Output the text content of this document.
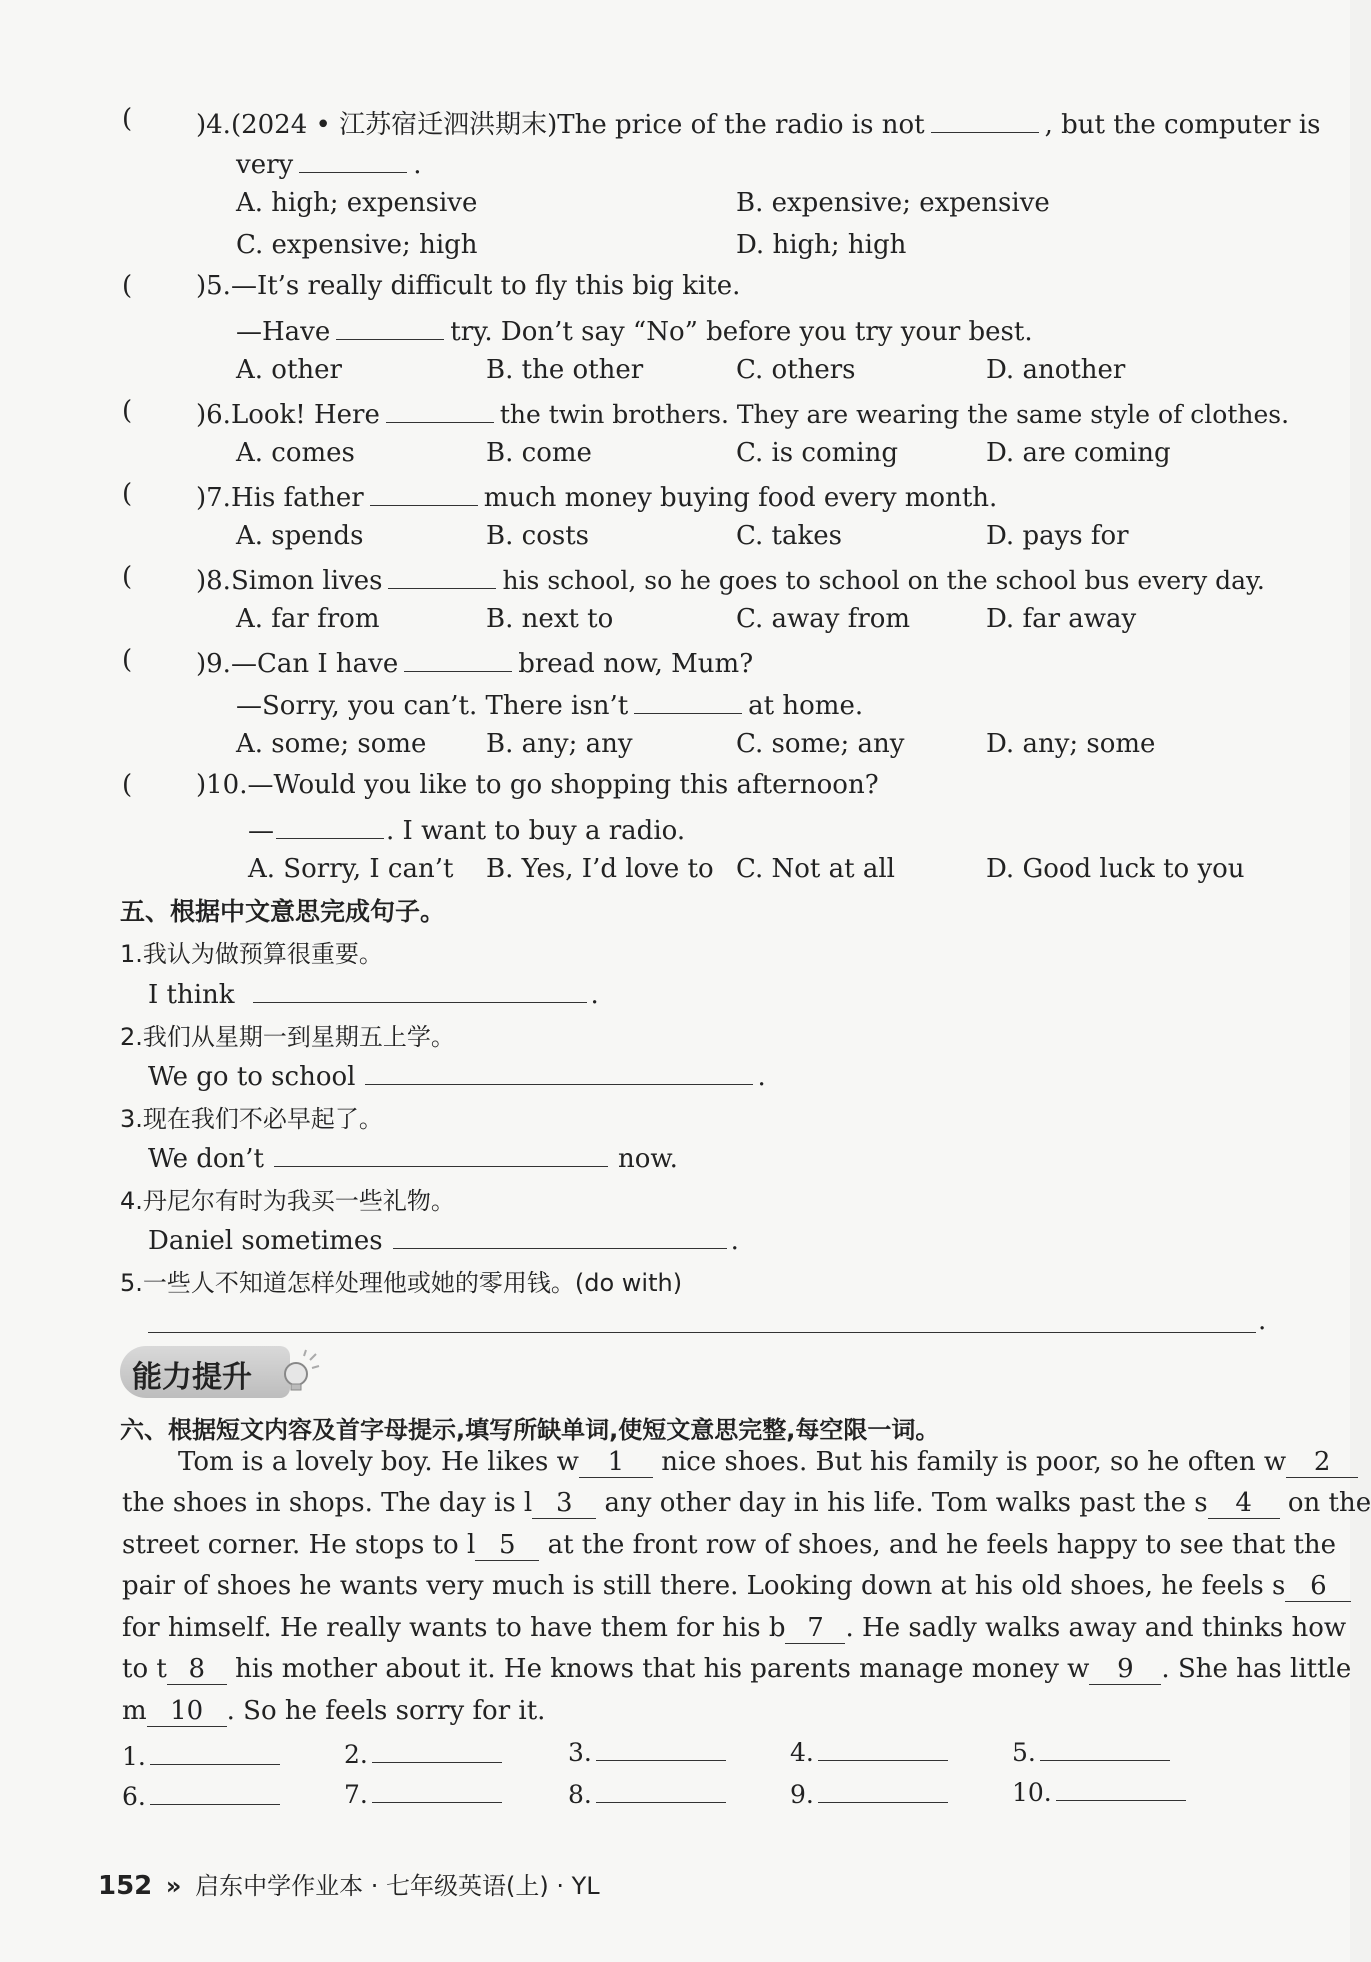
( )4.(2024 • 江苏宿迁泗洪期末)The price of the radio is not	, but the computer is
very	.
A. high; expensive	B. expensive; expensive
C. expensive; high	D. high; high
( )5.—It’s really difficult to fly this big kite.
—Have	try. Don’t say “No” before you try your best.
A. other	B. the other	C. others	D. another
( )6.Look! Here	the twin brothers. They are wearing the same style of clothes.
A. comes	B. come	C. is coming	D. are coming
( )7.His father	much money buying food every month.
A. spends	B. costs	C. takes	D. pays for
( )8.Simon lives	his school, so he goes to school on the school bus every day.
A. far from	B. next to	C. away from	D. far away
( )9.—Can I have	bread now, Mum?
—Sorry, you can’t. There isn’t	at home.
A. some; some B. any; any	C. some; any	D. any; some
( )10.—Would you like to go shopping this afternoon?
—	. I want to buy a radio.
A. Sorry, I can’t B. Yes, I’d love to C. Not at all	D. Good luck to you
五、根据中文意思完成句子。
1.我认为做预算很重要。
I think	.
2.我们从星期一到星期五上学。
We go to school	.
3.现在我们不必早起了。
We don’t	now.
4.丹尼尔有时为我买一些礼物。
Daniel sometimes	.
5.一些人不知道怎样处理他或她的零用钱。(do with)
.
能力提升
六、根据短文内容及首字母提示,填写所缺单词,使短文意思完整,每空限一词。
Tom is a lovely boy. He likes w 1 nice shoes. But his family is poor, so he often w 2
the shoes in shops. The day is l 3 any other day in his life. Tom walks past the s 4 on the
street corner. He stops to l 5 at the front row of shoes, and he feels happy to see that the
pair of shoes he wants very much is still there. Looking down at his old shoes, he feels s 6
for himself. He really wants to have them for his b 7 . He sadly walks away and thinks how
to t 8 his mother about it. He knows that his parents manage money w 9 . She has little
m 10 . So he feels sorry for it.
1.	2.	3.	4.	5.
6.	7.	8.	9.	10.
152 » 启东中学作业本 · 七年级英语(上) · YL
